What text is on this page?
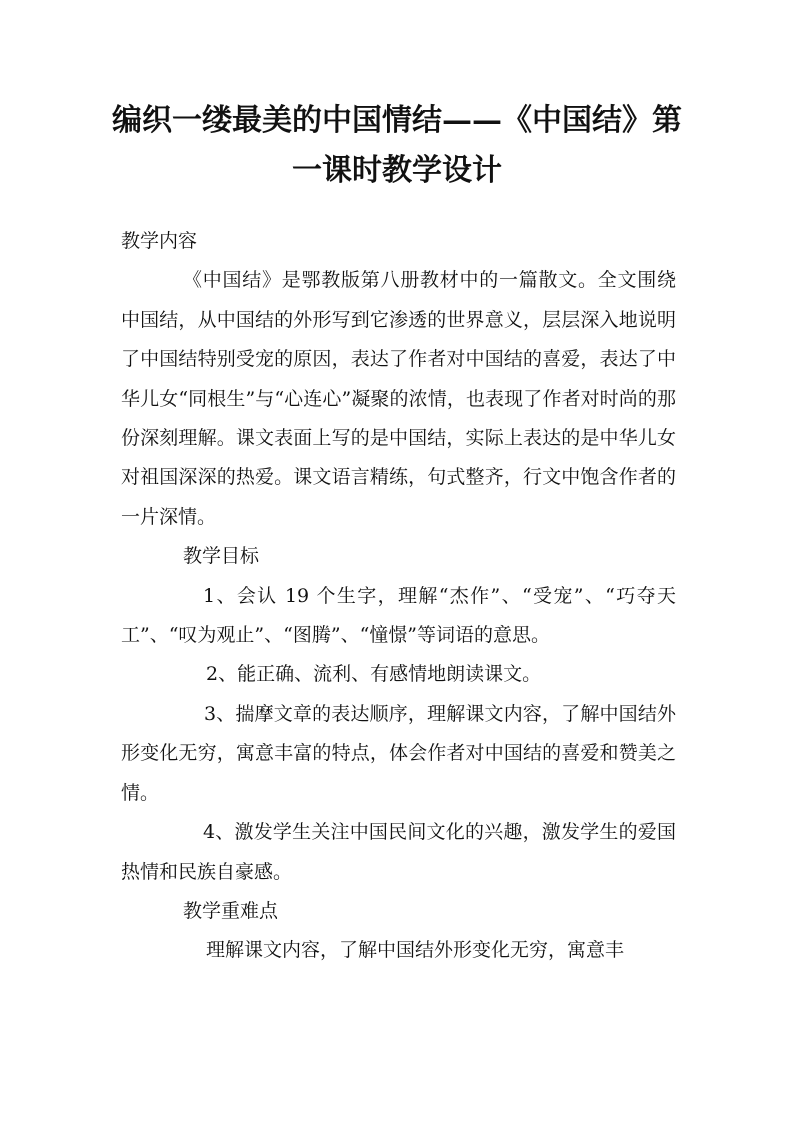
编织一缕最美的中国情结——《中国结》第
一课时教学设计

教学内容

《中国结》是鄂教版第八册教材中的一篇散文。全文围绕中国结，从中国结的外形写到它渗透的世界意义，层层深入地说明了中国结特别受宠的原因，表达了作者对中国结的喜爱，表达了中华儿女“同根生”与“心连心”凝聚的浓情，也表现了作者对时尚的那份深刻理解。课文表面上写的是中国结，实际上表达的是中华儿女对祖国深深的热爱。课文语言精练，句式整齐，行文中饱含作者的一片深情。

教学目标

1、会认 19 个生字，理解“杰作”、“受宠”、“巧夺天工”、“叹为观止”、“图腾”、“憧憬”等词语的意思。

2、能正确、流利、有感情地朗读课文。

3、揣摩文章的表达顺序，理解课文内容，了解中国结外形变化无穷，寓意丰富的特点，体会作者对中国结的喜爱和赞美之情。

4、激发学生关注中国民间文化的兴趣，激发学生的爱国热情和民族自豪感。

教学重难点

理解课文内容，了解中国结外形变化无穷，寓意丰
